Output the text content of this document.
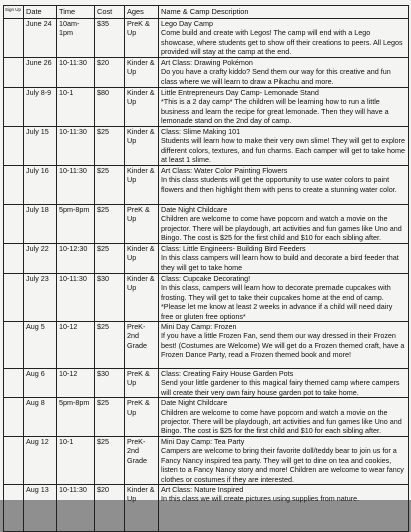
Sign Up	Date	Time	Cost	Ages	Name & Camp Description
	June 24	10am-1pm	$35	PreK & Up	Lego Day Camp
Come build and create with Legos! The camp will end with a Lego showcase, where students get to show off their creations to peers. All Legos provided will stay at the camp at the end.

	June 26	10-11:30	$20	Kinder & Up	Art Class: Drawing Pokémon
Do you have a crafty kiddo? Send them our way for this creative and fun class where we will learn to draw a Pikachu and more.

	July 8-9	10-1	$80	Kinder & Up	Little Entrepreneurs Day Camp- Lemonade Stand
*This is a 2 day camp* The children will be learning how to run a little business and learn the recipe for great lemonade. Then they will have a lemonade stand on the 2nd day of camp.

	July 15	10-11:30	$25	Kinder & Up	Class: Slime Making 101
Students will learn how to make their very own slime! They will get to explore different colors, textures, and fun charms. Each camper will get to take home at least 1 slime.

	July 16	10-11:30	$25	Kinder & Up	Art Class: Water Color Painting Flowers
In this class students will get the opportunity to use water colors to paint flowers and then highlight them with pens to create a stunning water color.

	July 18	5pm-8pm	$25	PreK & Up	Date Night Childcare
Children are welcome to come have popcorn and watch a movie on the projector. There will be playdough, art activities and fun games like Uno and Bingo. The cost is $25 for the first child and $10 for each sibling after.

	July 22	10-12:30	$25	Kinder & Up	Class: Little Engineers- Building Bird Feeders
In this class campers will learn how to build and decorate a bird feeder that they will get to take home

	July 23	10-11:30	$30	Kinder & Up	Class: Cupcake Decorating!
In this class, campers will learn how to decorate premade cupcakes with frosting. They will get to take their cupcakes home at the end of camp. *Please let me know at least 2 weeks in advance if a child will need dairy free or gluten free options*

	Aug 5	10-12	$25	PreK- 2nd Grade	Mini Day Camp: Frozen
If you have a little Frozen Fan, send them our way dressed in their Frozen best! (Costumes are Welcome) We will get do a Frozen themed craft, have a Frozen Dance Party, read a Frozen themed book and more!

	Aug 6	10-12	$30	PreK & Up	Class: Creating Fairy House Garden Pots
Send your little gardener to this magical fairy themed camp where campers will create their very own fairy house garden pot to take home.

	Aug 8	5pm-8pm	$25	PreK & Up	Date Night Childcare
Children are welcome to come have popcorn and watch a movie on the projector. There will be playdough, art activities and fun games like Uno and Bingo. The cost is $25 for the first child and $10 for each sibling after.

	Aug 12	10-1	$25	PreK- 2nd Grade	Mini Day Camp: Tea Party
Campers are welcome to bring their favorite doll/teddy bear to join us for a Fancy Nancy inspired tea party. They will get to dine on tea and cookies, listen to a Fancy Nancy story and more! Children are welcome to wear fancy clothes or costumes if they are interested.

	Aug 13	10-11:30	$20	Kinder & Up	Art Class: Nature Inspired
In this class we will create pictures using supplies from nature.
